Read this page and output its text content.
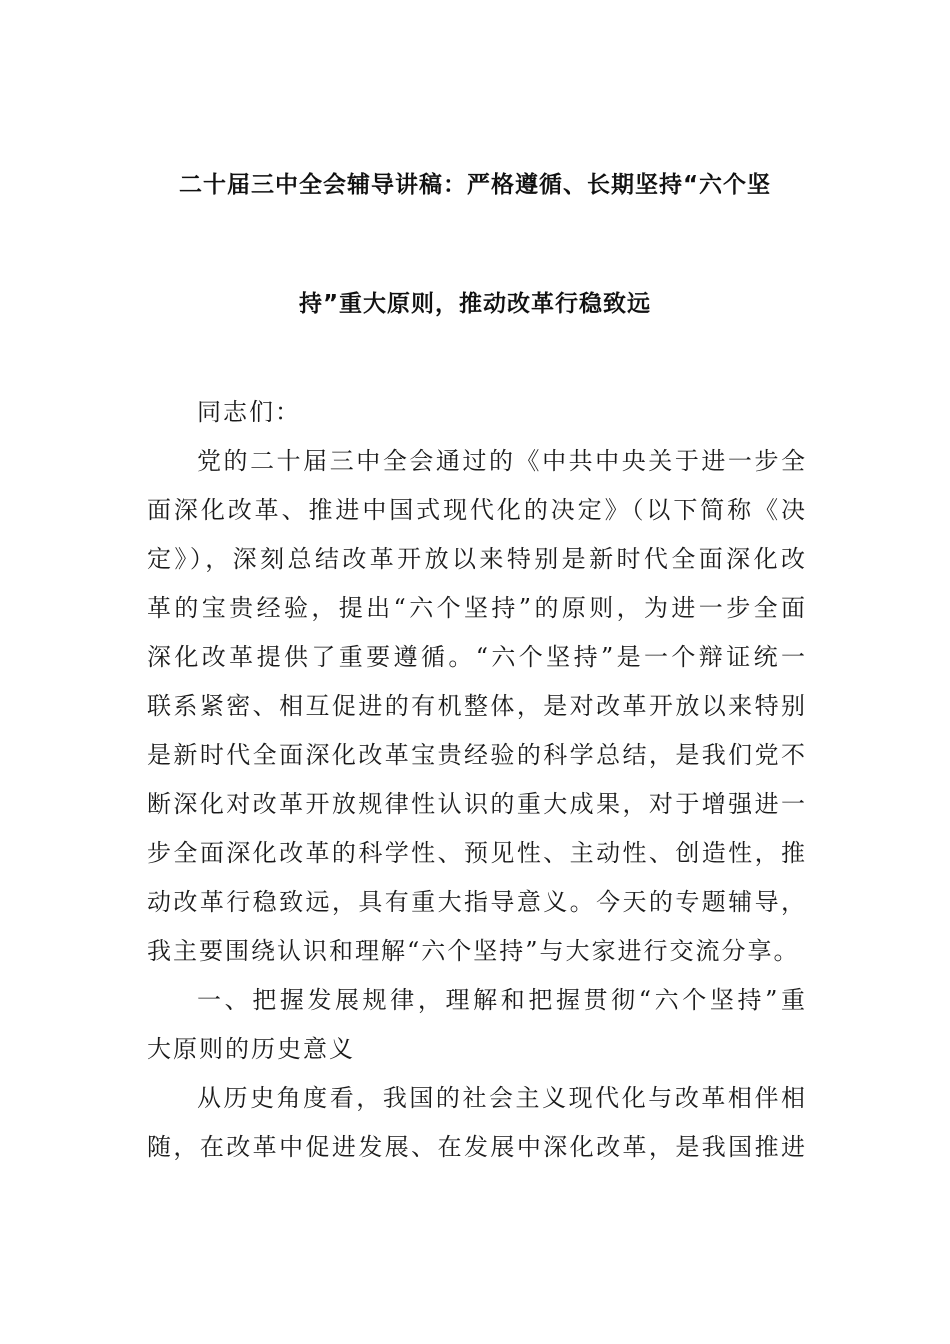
二十届三中全会辅导讲稿：严格遵循、长期坚持“六个坚
持”重大原则，推动改革行稳致远
同志们：
党的二十届三中全会通过的《中共中央关于进一步全
面深化改革、推进中国式现代化的决定》（以下简称《决
定》），深刻总结改革开放以来特别是新时代全面深化改
革的宝贵经验，提出“六个坚持”的原则，为进一步全面
深化改革提供了重要遵循。“六个坚持”是一个辩证统一
联系紧密、相互促进的有机整体，是对改革开放以来特别
是新时代全面深化改革宝贵经验的科学总结，是我们党不
断深化对改革开放规律性认识的重大成果，对于增强进一
步全面深化改革的科学性、预见性、主动性、创造性，推
动改革行稳致远，具有重大指导意义。今天的专题辅导，
我主要围绕认识和理解“六个坚持”与大家进行交流分享。
一、把握发展规律，理解和把握贯彻“六个坚持”重
大原则的历史意义
从历史角度看，我国的社会主义现代化与改革相伴相
随，在改革中促进发展、在发展中深化改革，是我国推进
